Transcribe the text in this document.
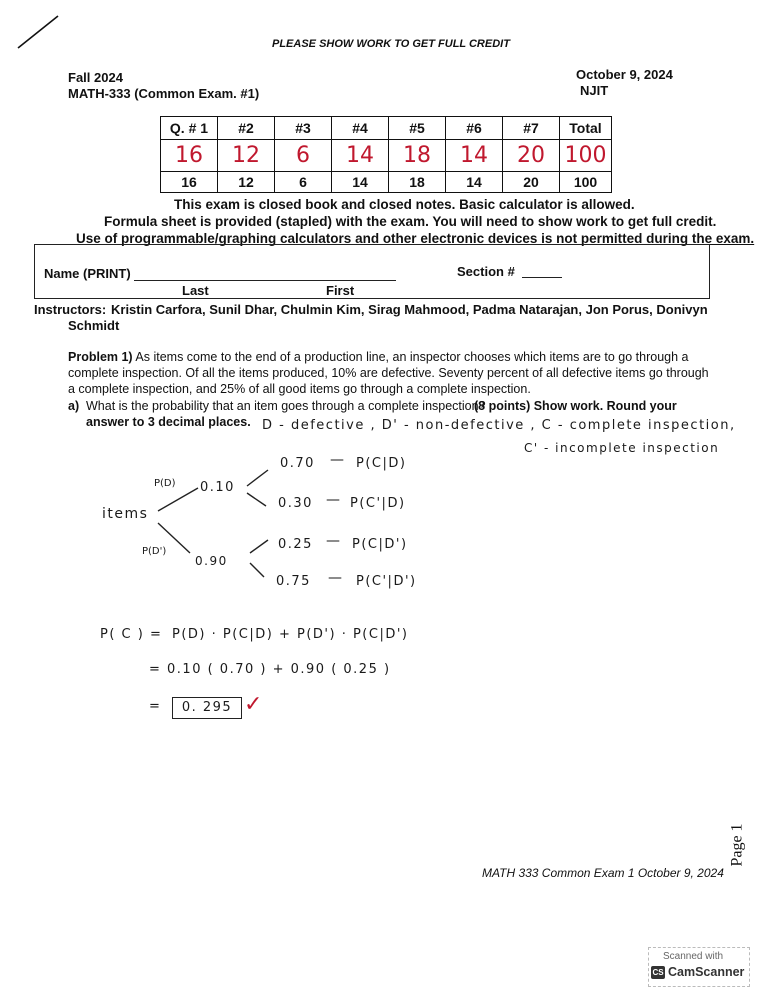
PLEASE SHOW WORK TO GET FULL CREDIT
Fall 2024
MATH-333 (Common Exam. #1)
October 9, 2024
NJIT
Q. # 1	#2	#3	#4	#5	#6	#7	Total
16	12	6	14	18	14	20	100
16	12	6	14	18	14	20	100
This exam is closed book and closed notes. Basic calculator is allowed.
Formula sheet is provided (stapled) with the exam. You will need to show work to get full credit.
Use of programmable/graphing calculators and other electronic devices is not permitted during the exam.
Name (PRINT)	Section #
Last	First
Instructors: Kristin Carfora, Sunil Dhar, Chulmin Kim, Sirag Mahmood, Padma Natarajan, Jon Porus, Donivyn
Schmidt
Problem 1) As items come to the end of a production line, an inspector chooses which items are to go through a
complete inspection. Of all the items produced, 10% are defective. Seventy percent of all defective items go through
a complete inspection, and 25% of all good items go through a complete inspection.
a) What is the probability that an item goes through a complete inspection?
(8 points) Show work. Round your
answer to 3 decimal places. D - defective , D' - non-defective , C - complete inspection,
C' - incomplete inspection
items
P(D) 0.10
P(D')
0.90
0.70 — P(C|D)
0.30 — P(C'|D)
0.25 — P(C|D')
0.75 — P(C'|D')
P( C ) = P(D) · P(C|D) + P(D') · P(C|D')
= 0.10 ( 0.70 ) + 0.90 ( 0.25 )
=	0. 295 ✓
Page 1
MATH 333 Common Exam 1 October 9, 2024
Scanned with
CS CamScanner
